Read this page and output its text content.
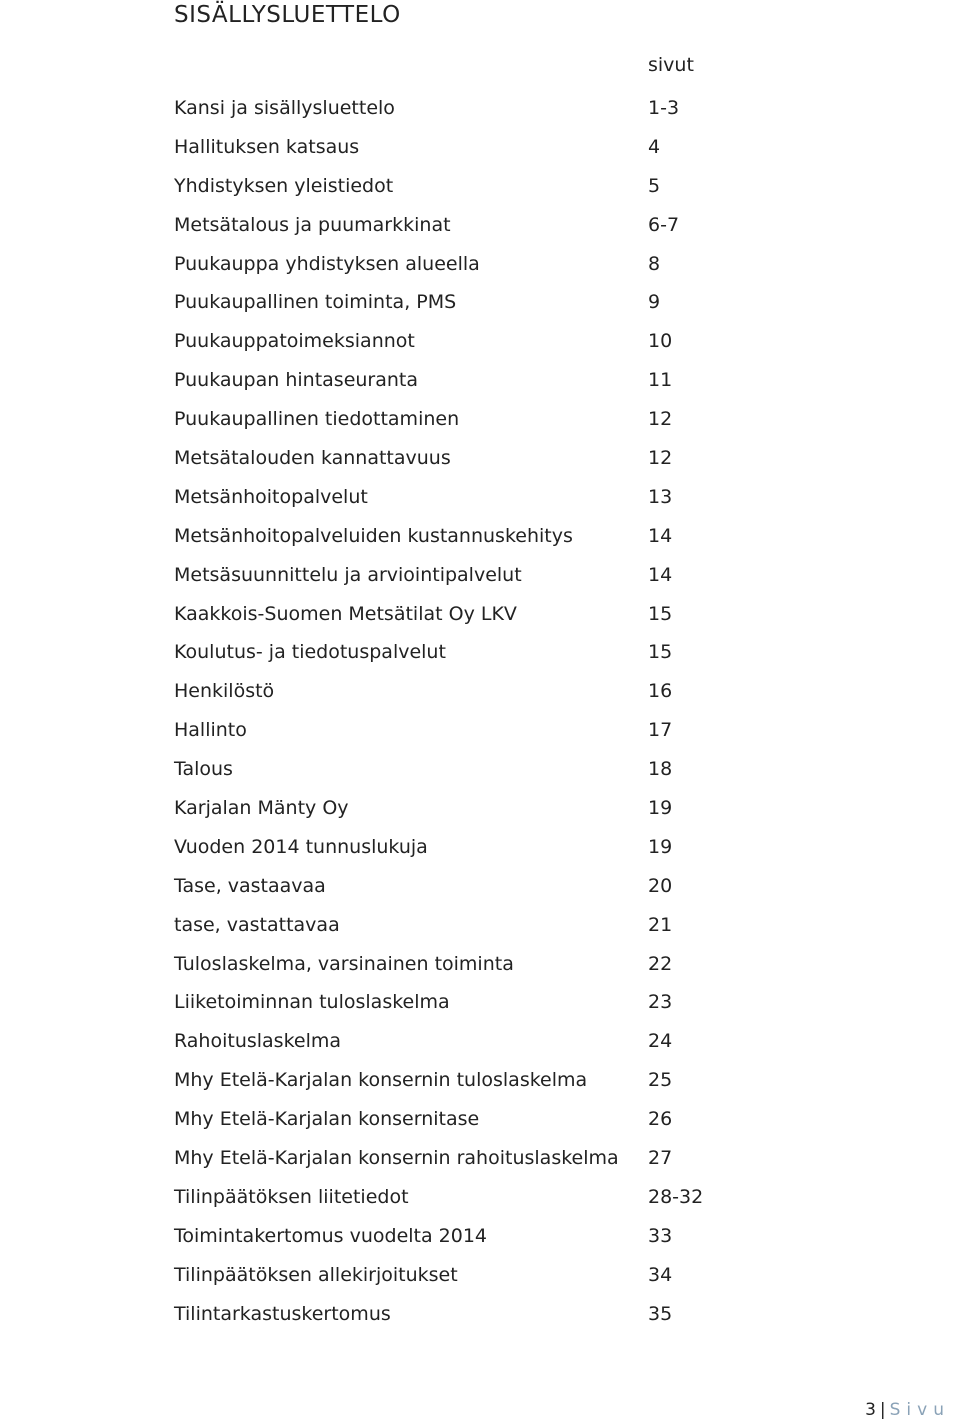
SISÄLLYSLUETTELO
sivut
Kansi ja sisällysluettelo	1-3
Hallituksen katsaus	4
Yhdistyksen yleistiedot	5
Metsätalous ja puumarkkinat	6-7
Puukauppa yhdistyksen alueella	8
Puukaupallinen toiminta, PMS	9
Puukauppatoimeksiannot	10
Puukaupan hintaseuranta	11
Puukaupallinen tiedottaminen	12
Metsätalouden kannattavuus	12
Metsänhoitopalvelut	13
Metsänhoitopalveluiden kustannuskehitys	14
Metsäsuunnittelu ja arviointipalvelut	14
Kaakkois-Suomen Metsätilat Oy LKV	15
Koulutus- ja tiedotuspalvelut	15
Henkilöstö	16
Hallinto	17
Talous	18
Karjalan Mänty Oy	19
Vuoden 2014 tunnuslukuja	19
Tase, vastaavaa	20
tase, vastattavaa	21
Tuloslaskelma, varsinainen toiminta	22
Liiketoiminnan tuloslaskelma	23
Rahoituslaskelma	24
Mhy Etelä-Karjalan konsernin tuloslaskelma	25
Mhy Etelä-Karjalan konsernitase	26
Mhy Etelä-Karjalan konsernin rahoituslaskelma 27
Tilinpäätöksen liitetiedot	28-32
Toimintakertomus vuodelta 2014	33
Tilinpäätöksen allekirjoitukset	34
Tilintarkastuskertomus	35
3 | Sivu
